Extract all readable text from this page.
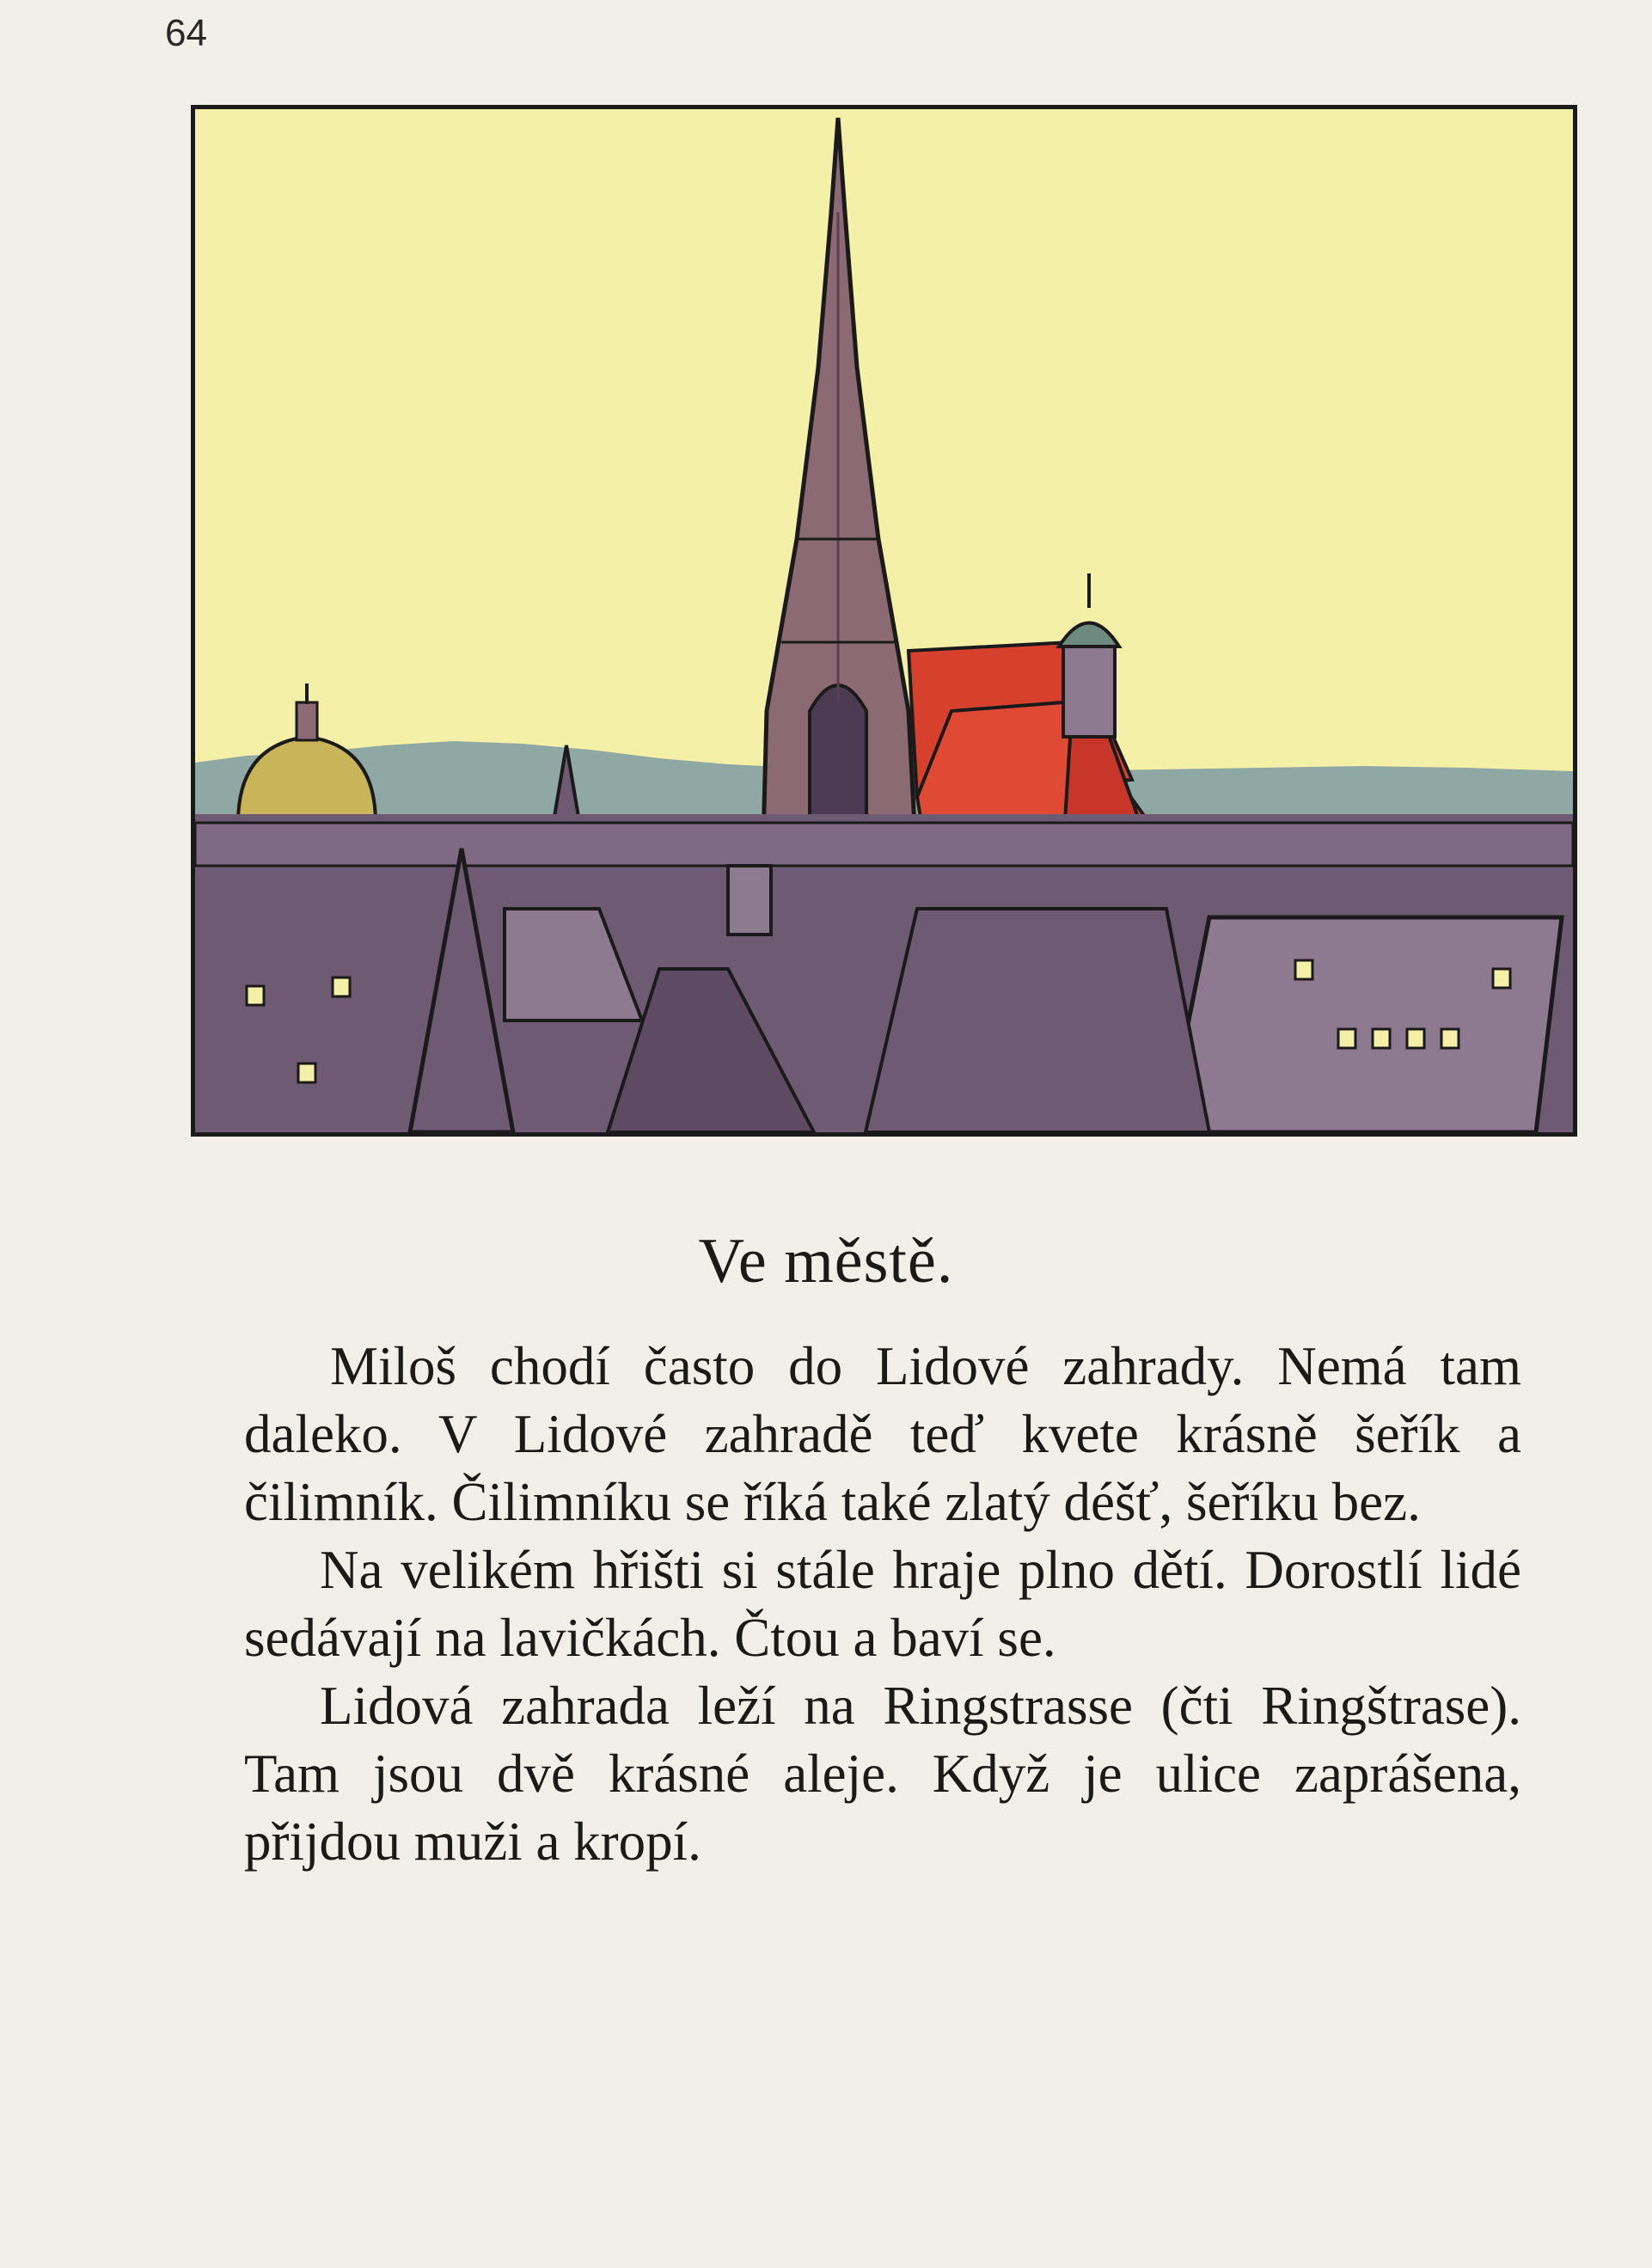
64
Ve městě.

Miloš chodí často do Lidové zahrady. Nemá tam daleko. V Lidové zahradě teď kvete krásně šeřík a čilimník. Čilimníku se říká také zlatý déšť, šeříku bez.

Na velikém hřišti si stále hraje plno dětí. Dorostlí lidé sedávají na lavičkách. Čtou a baví se.

Lidová zahrada leží na Ringstrasse (čti Ringštrase). Tam jsou dvě krásné aleje. Když je ulice zaprášena, přijdou muži a kropí.
